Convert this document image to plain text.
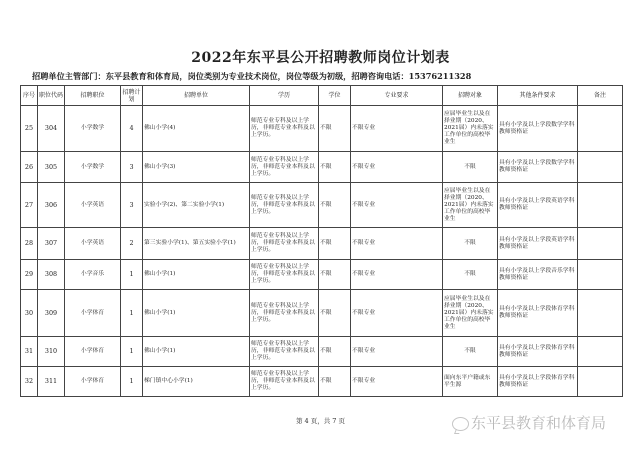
2022年东平县公开招聘教师岗位计划表
招聘单位主管部门：东平县教育和体育局，岗位类别为专业技术岗位，岗位等级为初级，招聘咨询电话：15376211328
序号	职位代码	招聘职位	招聘计划	招聘单位	学历	学位	专业要求	招聘对象	其他条件要求	备注
25	304	小学数学	4	佛山小学(4)	师范专业专科及以上学历，非师范专业本科及以上学历。	不限	不限专业	应届毕业生以及在择业期（2020、2021届）内未落实工作单位的高校毕业生	具有小学及以上学段数学学科教师资格证	
26	305	小学数学	3	佛山小学(3)	师范专业专科及以上学历，非师范专业本科及以上学历。	不限	不限专业	不限	具有小学及以上学段数学学科教师资格证	
27	306	小学英语	3	实验小学(2)、第二实验小学(1)	师范专业专科及以上学历，非师范专业本科及以上学历。	不限	不限专业	应届毕业生以及在择业期（2020、2021届）内未落实工作单位的高校毕业生	具有小学及以上学段英语学科教师资格证	
28	307	小学英语	2	第三实验小学(1)、第五实验小学(1)	师范专业专科及以上学历，非师范专业本科及以上学历。	不限	不限专业	不限	具有小学及以上学段英语学科教师资格证	
29	308	小学音乐	1	佛山小学(1)	师范专业专科及以上学历，非师范专业本科及以上学历。	不限	不限专业	不限	具有小学及以上学段音乐学科教师资格证	
30	309	小学体育	1	佛山小学(1)	师范专业专科及以上学历，非师范专业本科及以上学历。	不限	不限专业	应届毕业生以及在择业期（2020、2021届）内未落实工作单位的高校毕业生	具有小学及以上学段体育学科教师资格证	
31	310	小学体育	1	佛山小学(1)	师范专业专科及以上学历，非师范专业本科及以上学历。	不限	不限专业	不限	具有小学及以上学段体育学科教师资格证	
32	311	小学体育	1	梯门镇中心小学(1)	师范专业专科及以上学历，非师范专业本科及以上学历。	不限	不限专业	面向东平户籍或东平生源	具有小学及以上学段体育学科教师资格证	
第 4 页，共 7 页	东平县教育和体育局
